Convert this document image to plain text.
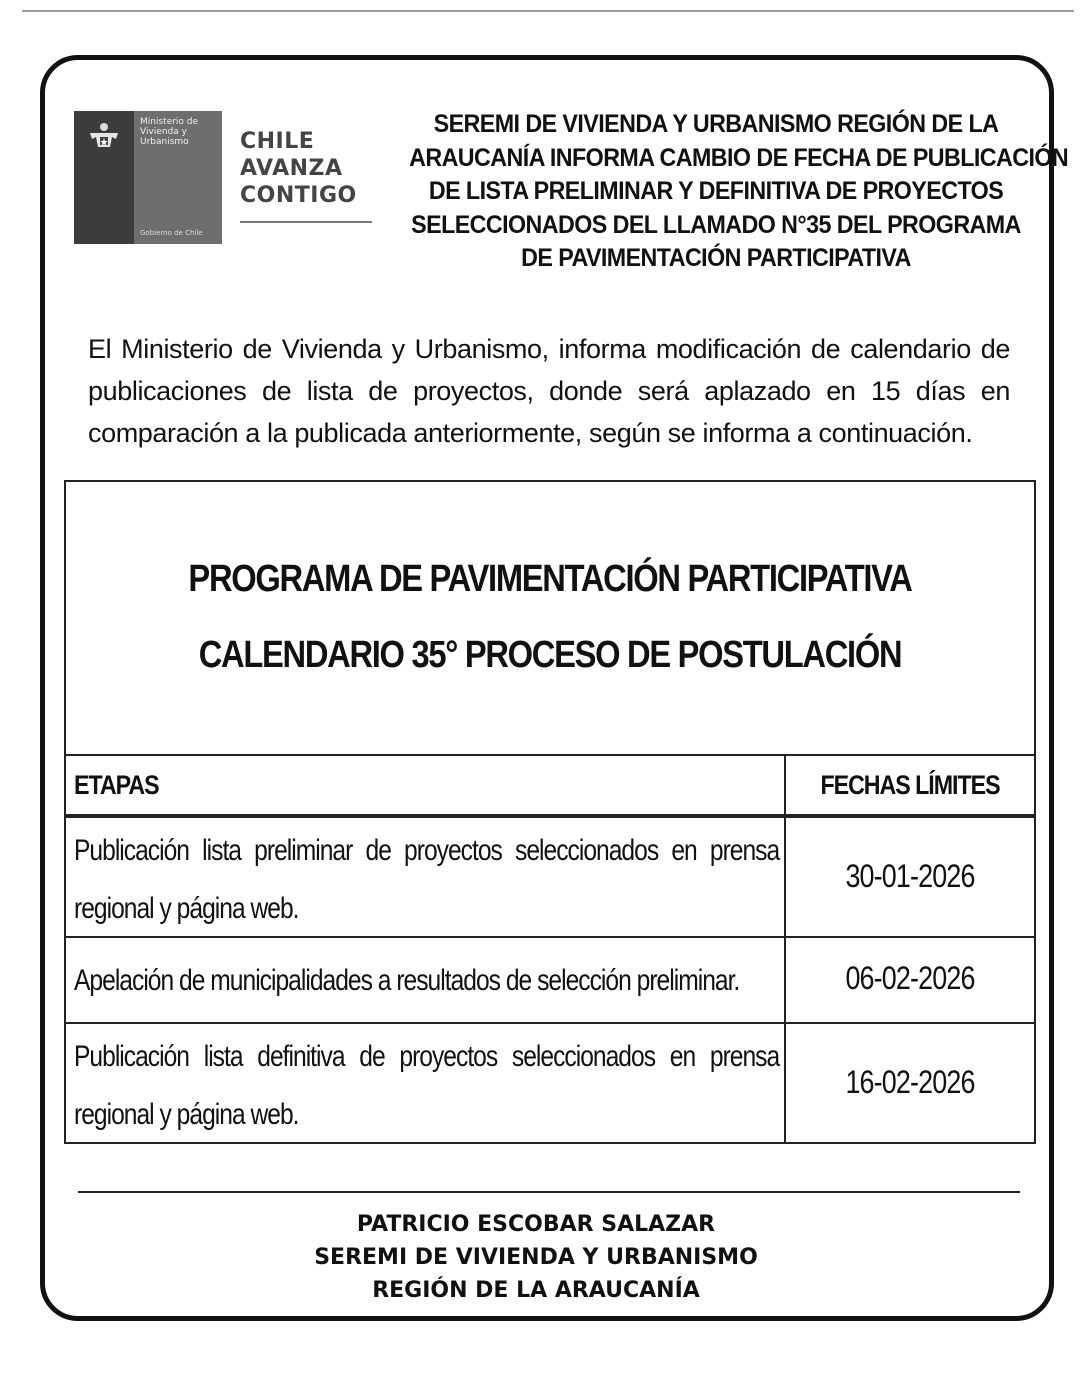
Ministerio de
Vivienda y
Urbanismo
Gobierno de Chile
CHILE
AVANZA
CONTIGO
SEREMI DE VIVIENDA Y URBANISMO REGIÓN DE LA
ARAUCANÍA INFORMA CAMBIO DE FECHA DE PUBLICACIÓN
DE LISTA PRELIMINAR Y DEFINITIVA DE PROYECTOS
SELECCIONADOS DEL LLAMADO N°35 DEL PROGRAMA
DE PAVIMENTACIÓN PARTICIPATIVA
El Ministerio de Vivienda y Urbanismo, informa modificación de calendario de publicaciones de lista de proyectos, donde será aplazado en 15 días en comparación a la publicada anteriormente, según se informa a continuación.
PROGRAMA DE PAVIMENTACIÓN PARTICIPATIVA
CALENDARIO 35° PROCESO DE POSTULACIÓN
ETAPAS	FECHAS LÍMITES
Publicación lista preliminar de proyectos seleccionados en prensa regional y página web.
30-01-2026
Apelación de municipalidades a resultados de selección preliminar.	06-02-2026
Publicación lista definitiva de proyectos seleccionados en prensa regional y página web.
16-02-2026
PATRICIO ESCOBAR SALAZAR
SEREMI DE VIVIENDA Y URBANISMO
REGIÓN DE LA ARAUCANÍA
